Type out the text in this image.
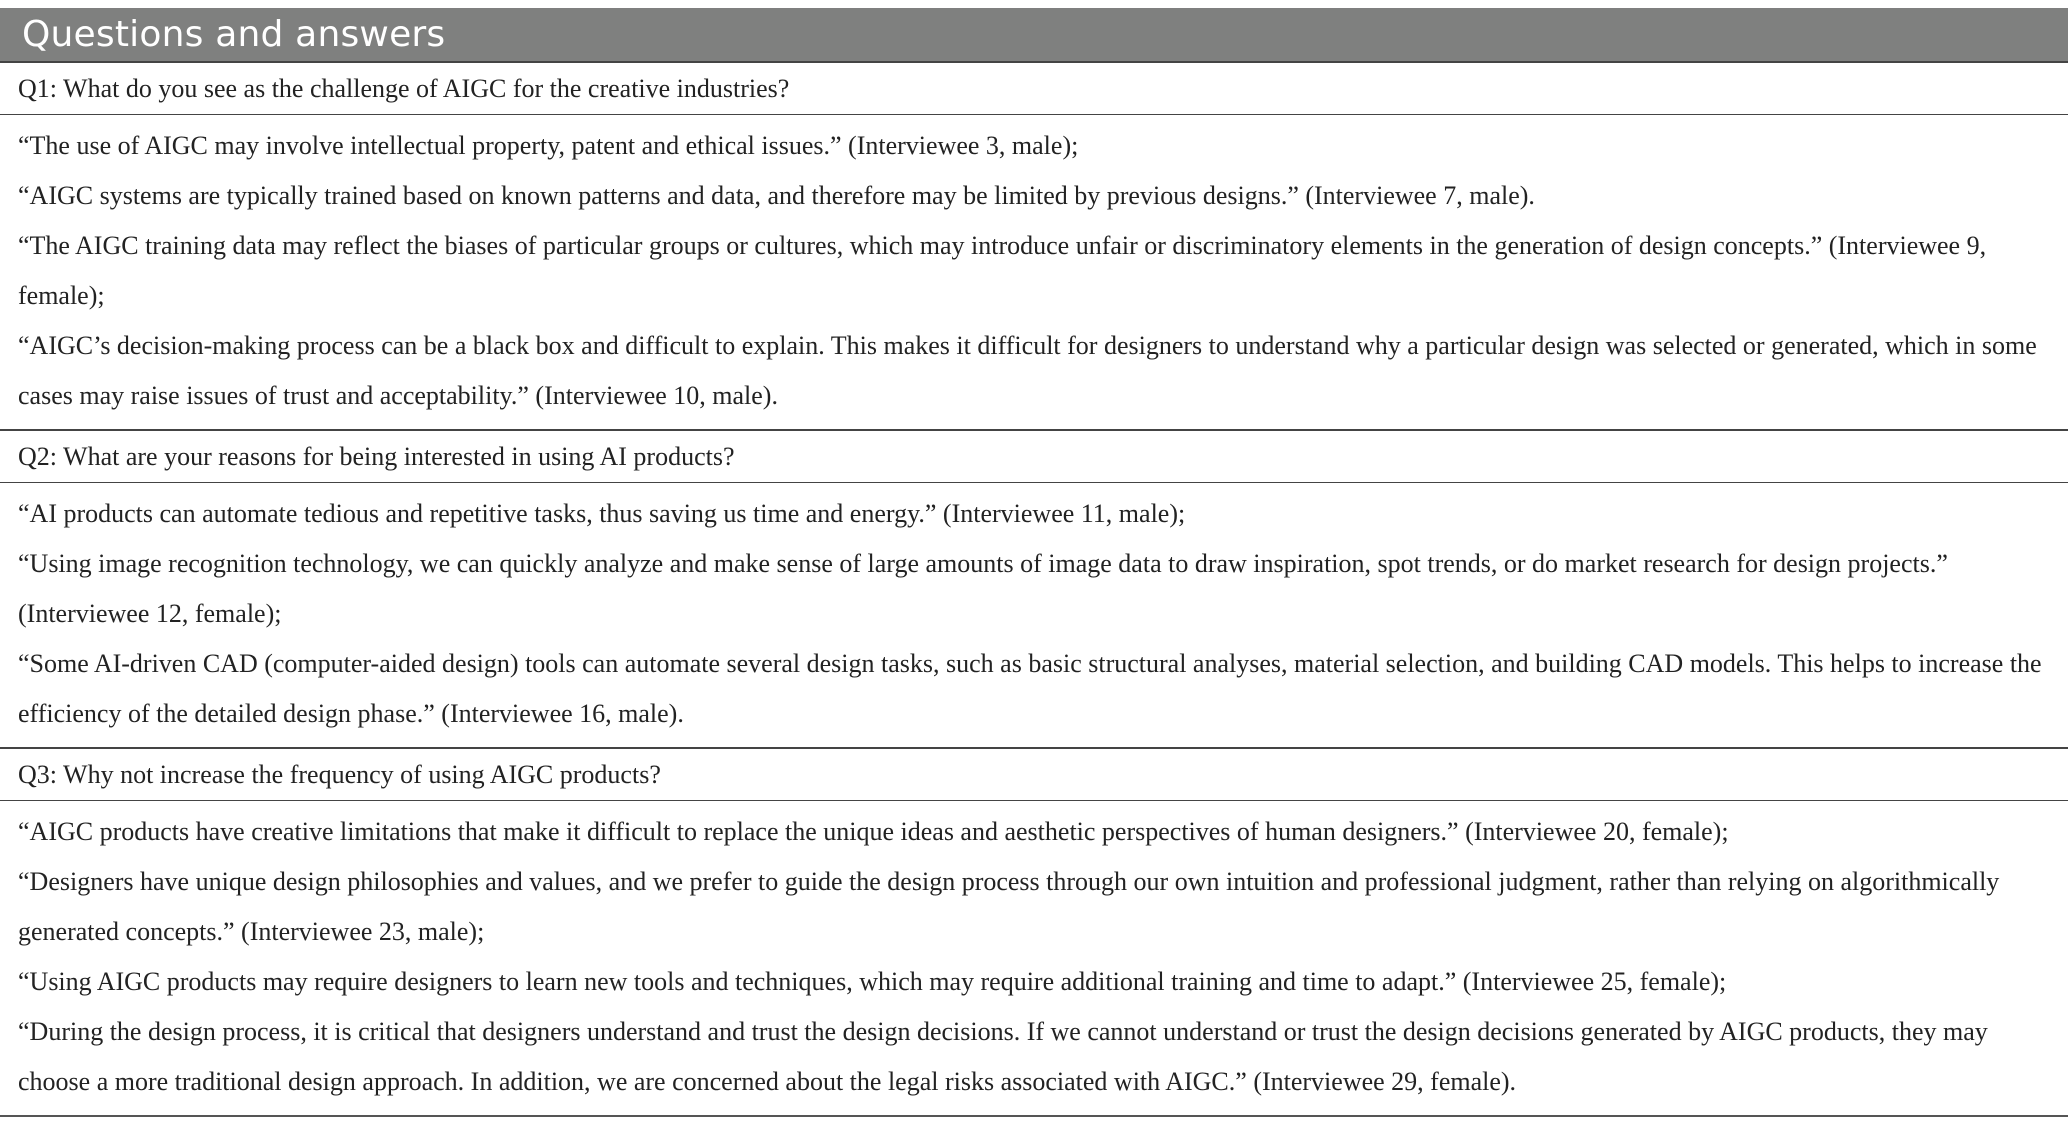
Questions and answers
Q1: What do you see as the challenge of AIGC for the creative industries?

“The use of AIGC may involve intellectual property, patent and ethical issues.” (Interviewee 3, male);

“AIGC systems are typically trained based on known patterns and data, and therefore may be limited by previous designs.” (Interviewee 7, male).

“The AIGC training data may reflect the biases of particular groups or cultures, which may introduce unfair or discriminatory elements in the generation of design concepts.” (Interviewee 9, female);

“AIGC’s decision-making process can be a black box and difficult to explain. This makes it difficult for designers to understand why a particular design was selected or generated, which in some cases may raise issues of trust and acceptability.” (Interviewee 10, male).

Q2: What are your reasons for being interested in using AI products?

“AI products can automate tedious and repetitive tasks, thus saving us time and energy.” (Interviewee 11, male);

“Using image recognition technology, we can quickly analyze and make sense of large amounts of image data to draw inspiration, spot trends, or do market research for design projects.” (Interviewee 12, female);

“Some AI-driven CAD (computer-aided design) tools can automate several design tasks, such as basic structural analyses, material selection, and building CAD models. This helps to increase the efficiency of the detailed design phase.” (Interviewee 16, male).

Q3: Why not increase the frequency of using AIGC products?

“AIGC products have creative limitations that make it difficult to replace the unique ideas and aesthetic perspectives of human designers.” (Interviewee 20, female);

“Designers have unique design philosophies and values, and we prefer to guide the design process through our own intuition and professional judgment, rather than relying on algorithmically generated concepts.” (Interviewee 23, male);

“Using AIGC products may require designers to learn new tools and techniques, which may require additional training and time to adapt.” (Interviewee 25, female);

“During the design process, it is critical that designers understand and trust the design decisions. If we cannot understand or trust the design decisions generated by AIGC products, they may choose a more traditional design approach. In addition, we are concerned about the legal risks associated with AIGC.” (Interviewee 29, female).
